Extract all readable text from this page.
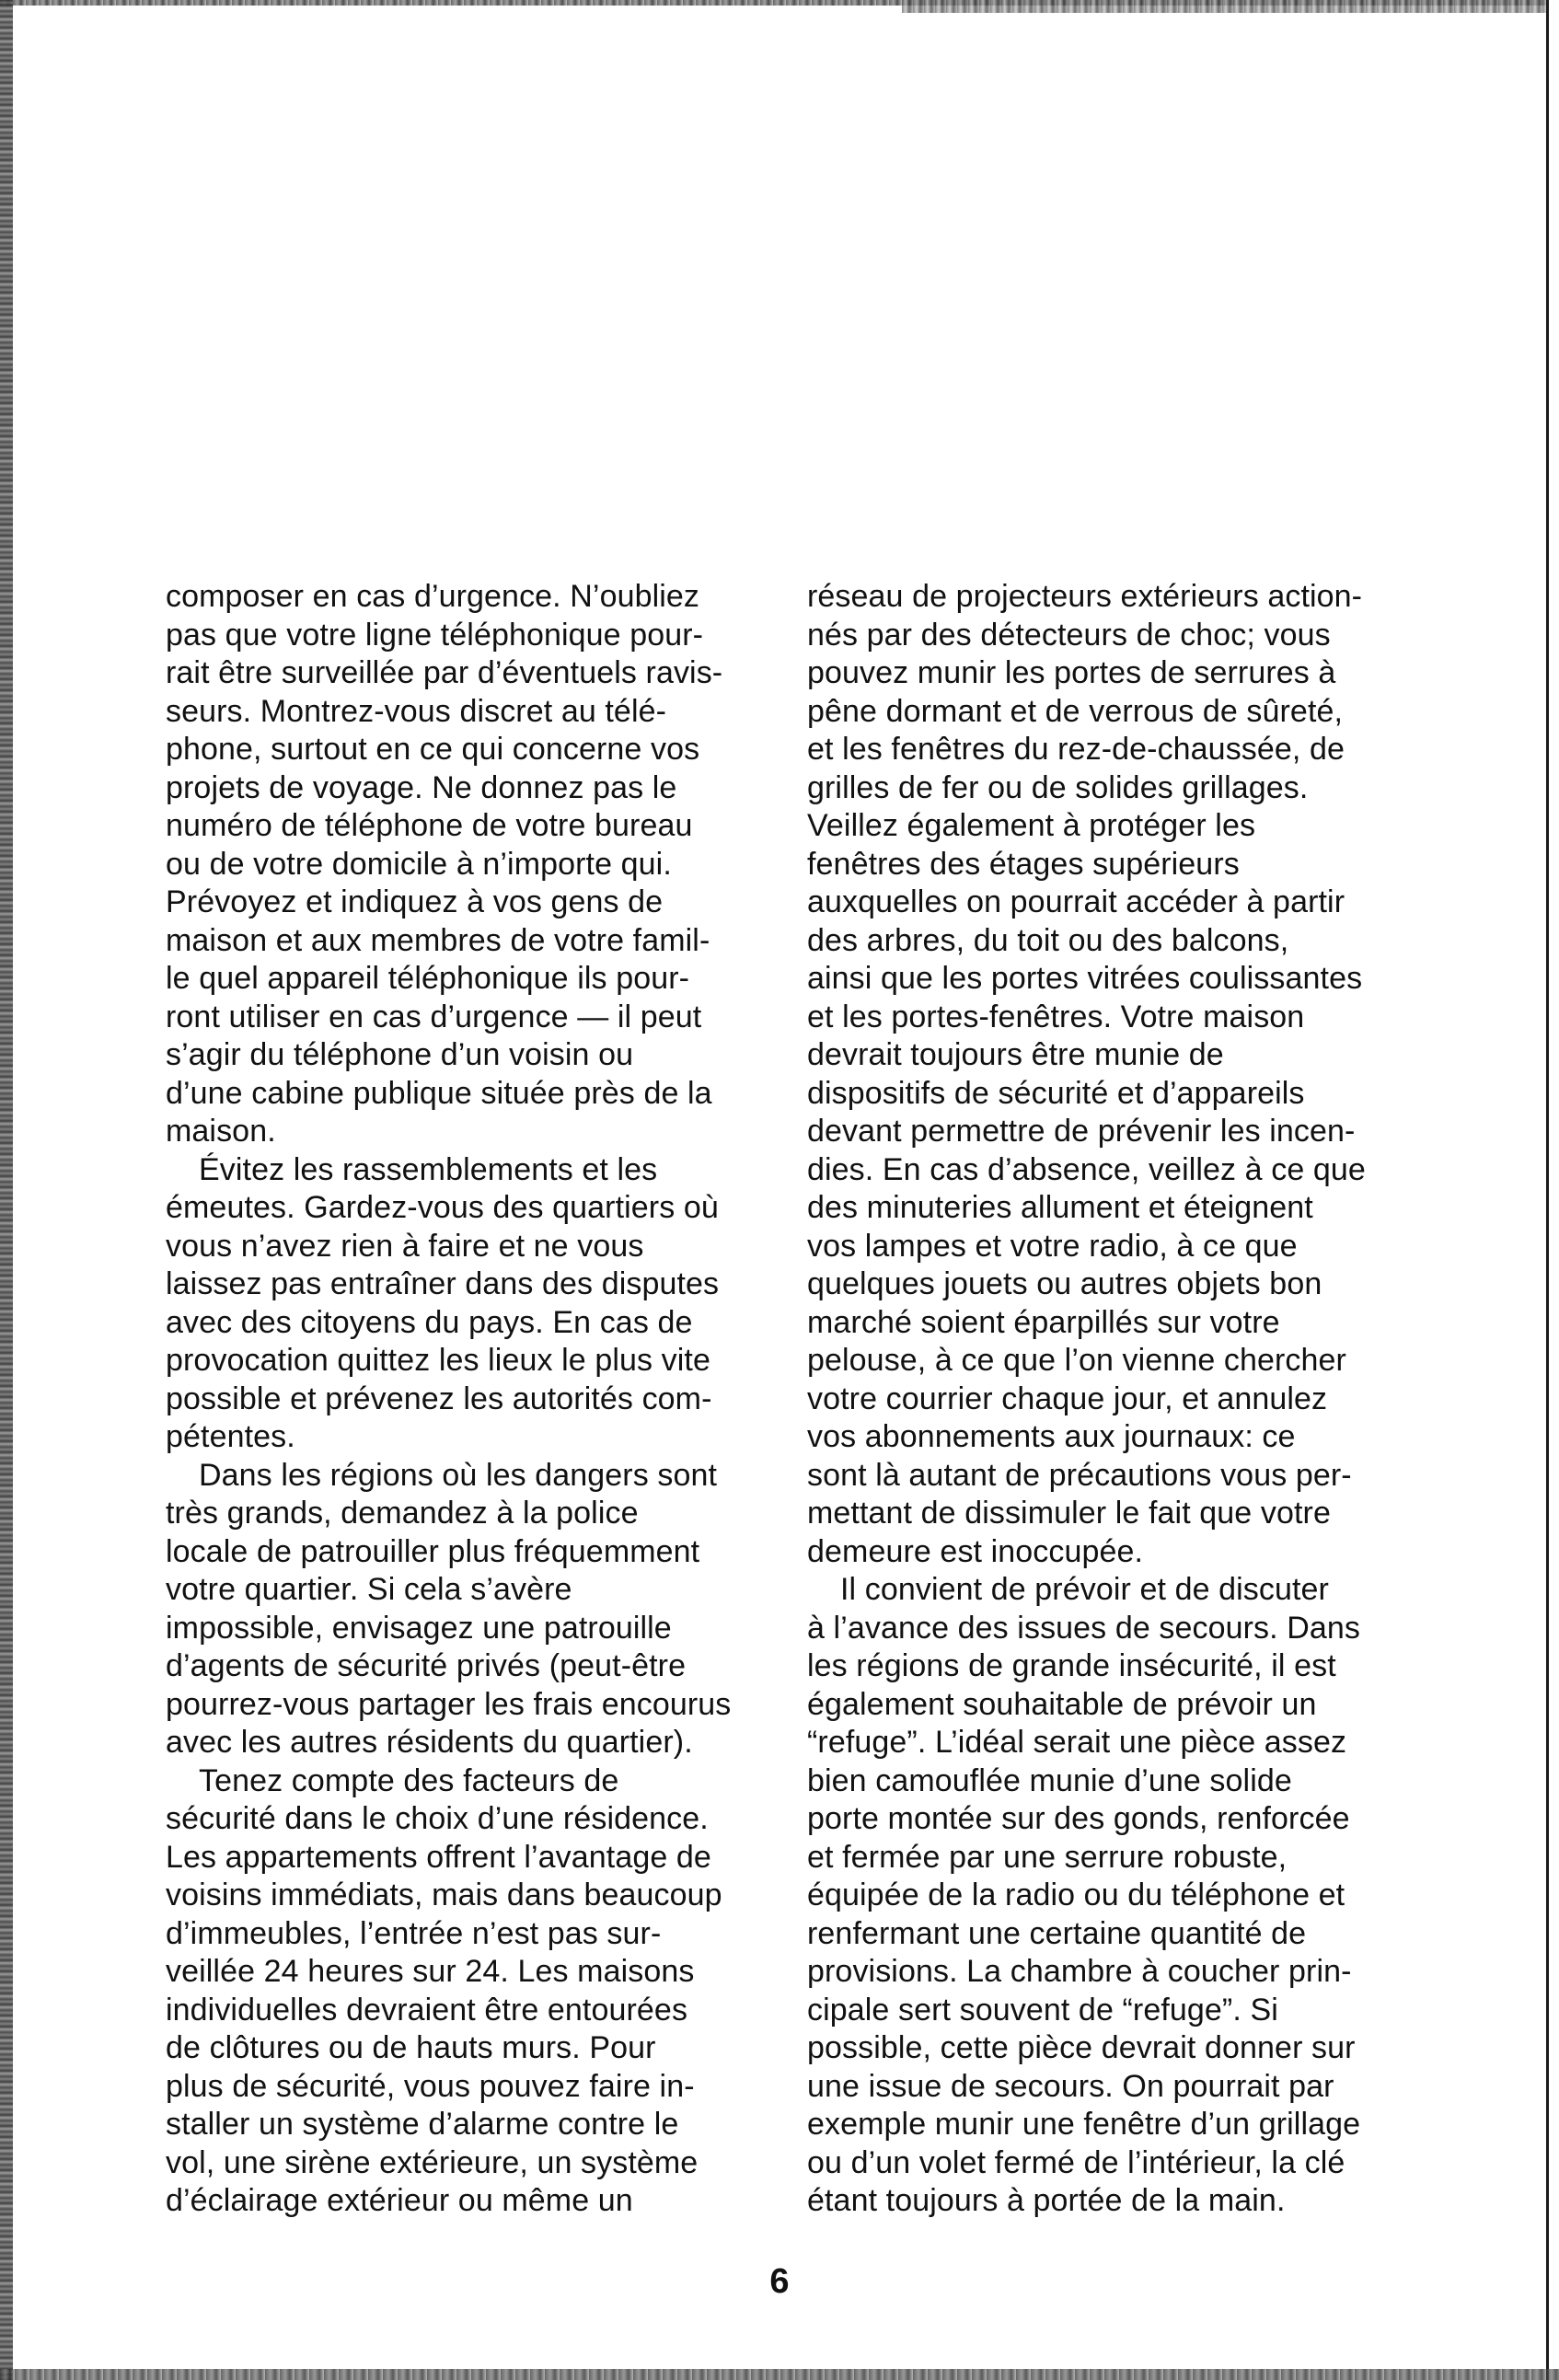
composer en cas d’urgence. N’oubliez
pas que votre ligne téléphonique pour-
rait être surveillée par d’éventuels ravis-
seurs. Montrez-vous discret au télé-
phone, surtout en ce qui concerne vos
projets de voyage. Ne donnez pas le
numéro de téléphone de votre bureau
ou de votre domicile à n’importe qui.
Prévoyez et indiquez à vos gens de
maison et aux membres de votre famil-
le quel appareil téléphonique ils pour-
ront utiliser en cas d’urgence — il peut
s’agir du téléphone d’un voisin ou
d’une cabine publique située près de la
maison.
Évitez les rassemblements et les
émeutes. Gardez-vous des quartiers où
vous n’avez rien à faire et ne vous
laissez pas entraîner dans des disputes
avec des citoyens du pays. En cas de
provocation quittez les lieux le plus vite
possible et prévenez les autorités com-
pétentes.
Dans les régions où les dangers sont
très grands, demandez à la police
locale de patrouiller plus fréquemment
votre quartier. Si cela s’avère
impossible, envisagez une patrouille
d’agents de sécurité privés (peut-être
pourrez-vous partager les frais encourus
avec les autres résidents du quartier).
Tenez compte des facteurs de
sécurité dans le choix d’une résidence.
Les appartements offrent l’avantage de
voisins immédiats, mais dans beaucoup
d’immeubles, l’entrée n’est pas sur-
veillée 24 heures sur 24. Les maisons
individuelles devraient être entourées
de clôtures ou de hauts murs. Pour
plus de sécurité, vous pouvez faire in-
staller un système d’alarme contre le
vol, une sirène extérieure, un système
d’éclairage extérieur ou même un
réseau de projecteurs extérieurs action-
nés par des détecteurs de choc; vous
pouvez munir les portes de serrures à
pêne dormant et de verrous de sûreté,
et les fenêtres du rez-de-chaussée, de
grilles de fer ou de solides grillages.
Veillez également à protéger les
fenêtres des étages supérieurs
auxquelles on pourrait accéder à partir
des arbres, du toit ou des balcons,
ainsi que les portes vitrées coulissantes
et les portes-fenêtres. Votre maison
devrait toujours être munie de
dispositifs de sécurité et d’appareils
devant permettre de prévenir les incen-
dies. En cas d’absence, veillez à ce que
des minuteries allument et éteignent
vos lampes et votre radio, à ce que
quelques jouets ou autres objets bon
marché soient éparpillés sur votre
pelouse, à ce que l’on vienne chercher
votre courrier chaque jour, et annulez
vos abonnements aux journaux: ce
sont là autant de précautions vous per-
mettant de dissimuler le fait que votre
demeure est inoccupée.
Il convient de prévoir et de discuter
à l’avance des issues de secours. Dans
les régions de grande insécurité, il est
également souhaitable de prévoir un
“refuge”. L’idéal serait une pièce assez
bien camouflée munie d’une solide
porte montée sur des gonds, renforcée
et fermée par une serrure robuste,
équipée de la radio ou du téléphone et
renfermant une certaine quantité de
provisions. La chambre à coucher prin-
cipale sert souvent de “refuge”. Si
possible, cette pièce devrait donner sur
une issue de secours. On pourrait par
exemple munir une fenêtre d’un grillage
ou d’un volet fermé de l’intérieur, la clé
étant toujours à portée de la main.
6
